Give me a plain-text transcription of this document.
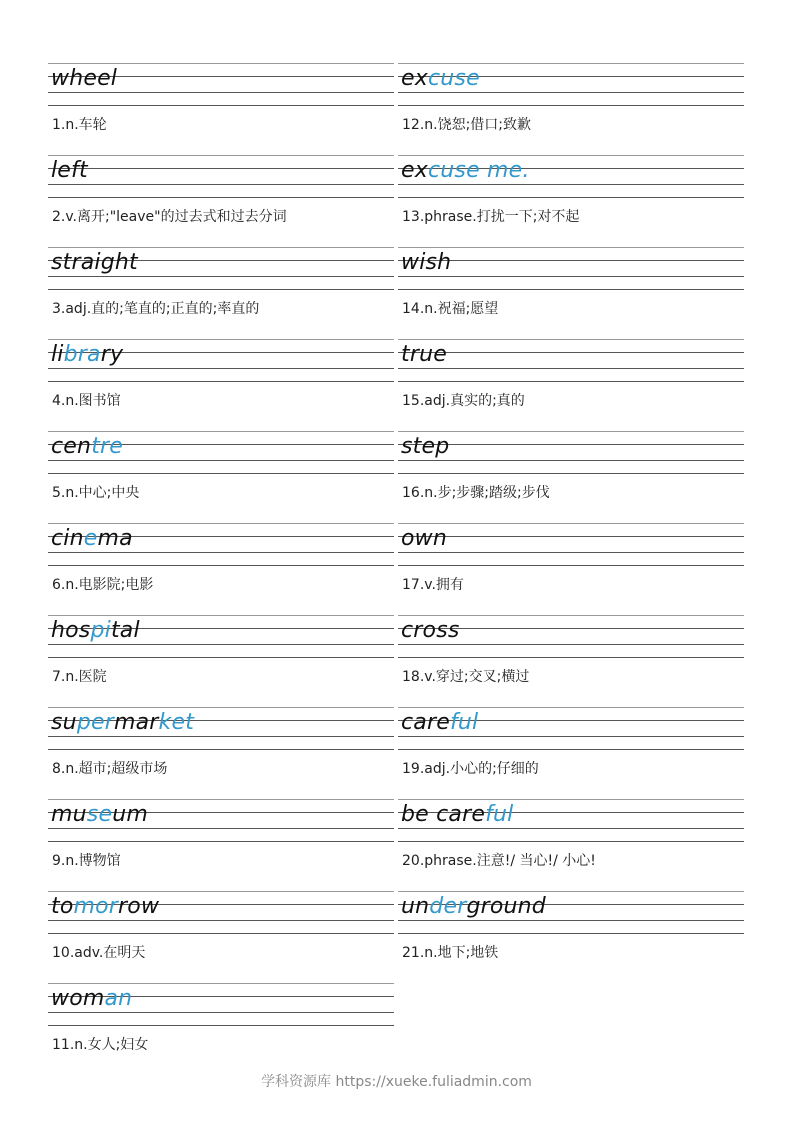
wheel
1.n.车轮
left
2.v.离开;"leave"的过去式和过去分词
straight
3.adj.直的;笔直的;正直的;率直的
library
4.n.图书馆
centre
5.n.中心;中央
cinema
6.n.电影院;电影
hospital
7.n.医院
supermarket
8.n.超市;超级市场
museum
9.n.博物馆
tomorrow
10.adv.在明天
woman
11.n.女人;妇女
excuse
12.n.饶恕;借口;致歉
excuse me.
13.phrase.打扰一下;对不起
wish
14.n.祝福;愿望
true
15.adj.真实的;真的
step
16.n.步;步骤;踏级;步伐
own
17.v.拥有
cross
18.v.穿过;交叉;横过
careful
19.adj.小心的;仔细的
be careful
20.phrase.注意!/ 当心!/ 小心!
underground
21.n.地下;地铁
学科资源库 https://xueke.fuliadmin.com
